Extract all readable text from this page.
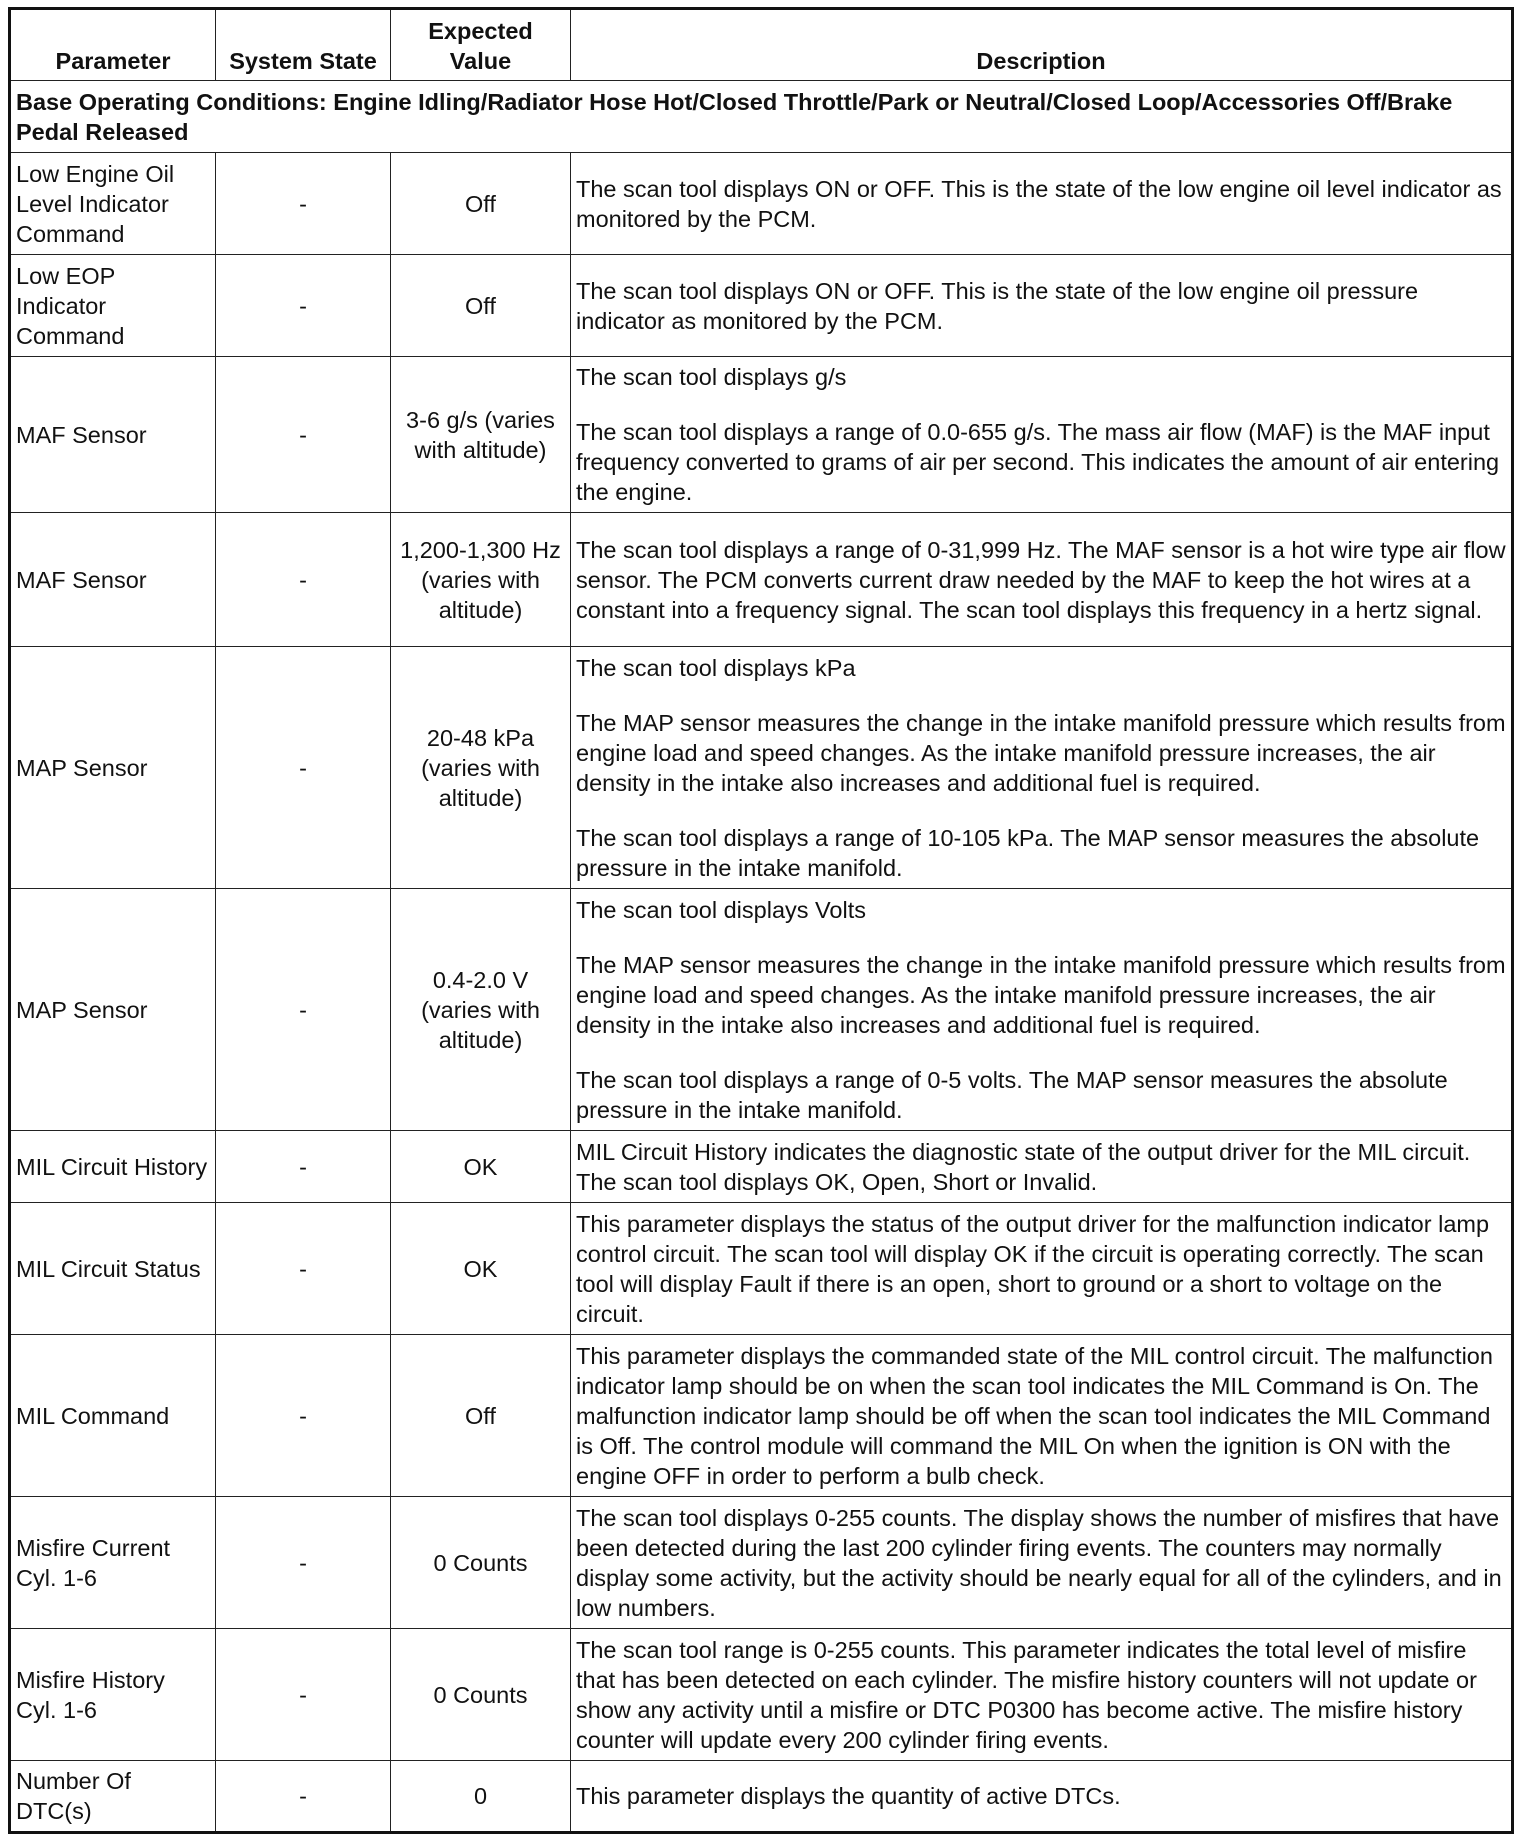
Parameter	System State	Expected Value	Description
Base Operating Conditions: Engine Idling/Radiator Hose Hot/Closed Throttle/Park or Neutral/Closed Loop/Accessories Off/Brake Pedal Released			
Low Engine Oil Level Indicator Command	-	Off	The scan tool displays ON or OFF. This is the state of the low engine oil level indicator as monitored by the PCM.

Low EOP Indicator Command	-	Off	The scan tool displays ON or OFF. This is the state of the low engine oil pressure indicator as monitored by the PCM.

MAF Sensor	-	3-6 g/s (varies with altitude)	The scan tool displays g/s

The scan tool displays a range of 0.0-655 g/s. The mass air flow (MAF) is the MAF input frequency converted to grams of air per second. This indicates the amount of air entering the engine.

MAF Sensor	-	1,200-1,300 Hz (varies with altitude)	The scan tool displays a range of 0-31,999 Hz. The MAF sensor is a hot wire type air flow sensor. The PCM converts current draw needed by the MAF to keep the hot wires at a constant into a frequency signal. The scan tool displays this frequency in a hertz signal.

MAP Sensor	-	20-48 kPa (varies with altitude)	The scan tool displays kPa

The MAP sensor measures the change in the intake manifold pressure which results from engine load and speed changes. As the intake manifold pressure increases, the air density in the intake also increases and additional fuel is required.

The scan tool displays a range of 10-105 kPa. The MAP sensor measures the absolute pressure in the intake manifold.

MAP Sensor	-	0.4-2.0 V (varies with altitude)	The scan tool displays Volts

The MAP sensor measures the change in the intake manifold pressure which results from engine load and speed changes. As the intake manifold pressure increases, the air density in the intake also increases and additional fuel is required.

The scan tool displays a range of 0-5 volts. The MAP sensor measures the absolute pressure in the intake manifold.

MIL Circuit History	-	OK	MIL Circuit History indicates the diagnostic state of the output driver for the MIL circuit. The scan tool displays OK, Open, Short or Invalid.

MIL Circuit Status	-	OK	This parameter displays the status of the output driver for the malfunction indicator lamp control circuit. The scan tool will display OK if the circuit is operating correctly. The scan tool will display Fault if there is an open, short to ground or a short to voltage on the circuit.

MIL Command	-	Off	This parameter displays the commanded state of the MIL control circuit. The malfunction indicator lamp should be on when the scan tool indicates the MIL Command is On. The malfunction indicator lamp should be off when the scan tool indicates the MIL Command is Off. The control module will command the MIL On when the ignition is ON with the engine OFF in order to perform a bulb check.

Misfire Current Cyl. 1-6	-	0 Counts	The scan tool displays 0-255 counts. The display shows the number of misfires that have been detected during the last 200 cylinder firing events. The counters may normally display some activity, but the activity should be nearly equal for all of the cylinders, and in low numbers.

Misfire History Cyl. 1-6	-	0 Counts	The scan tool range is 0-255 counts. This parameter indicates the total level of misfire that has been detected on each cylinder. The misfire history counters will not update or show any activity until a misfire or DTC P0300 has become active. The misfire history counter will update every 200 cylinder firing events.

Number Of DTC(s)	-	0	This parameter displays the quantity of active DTCs.
